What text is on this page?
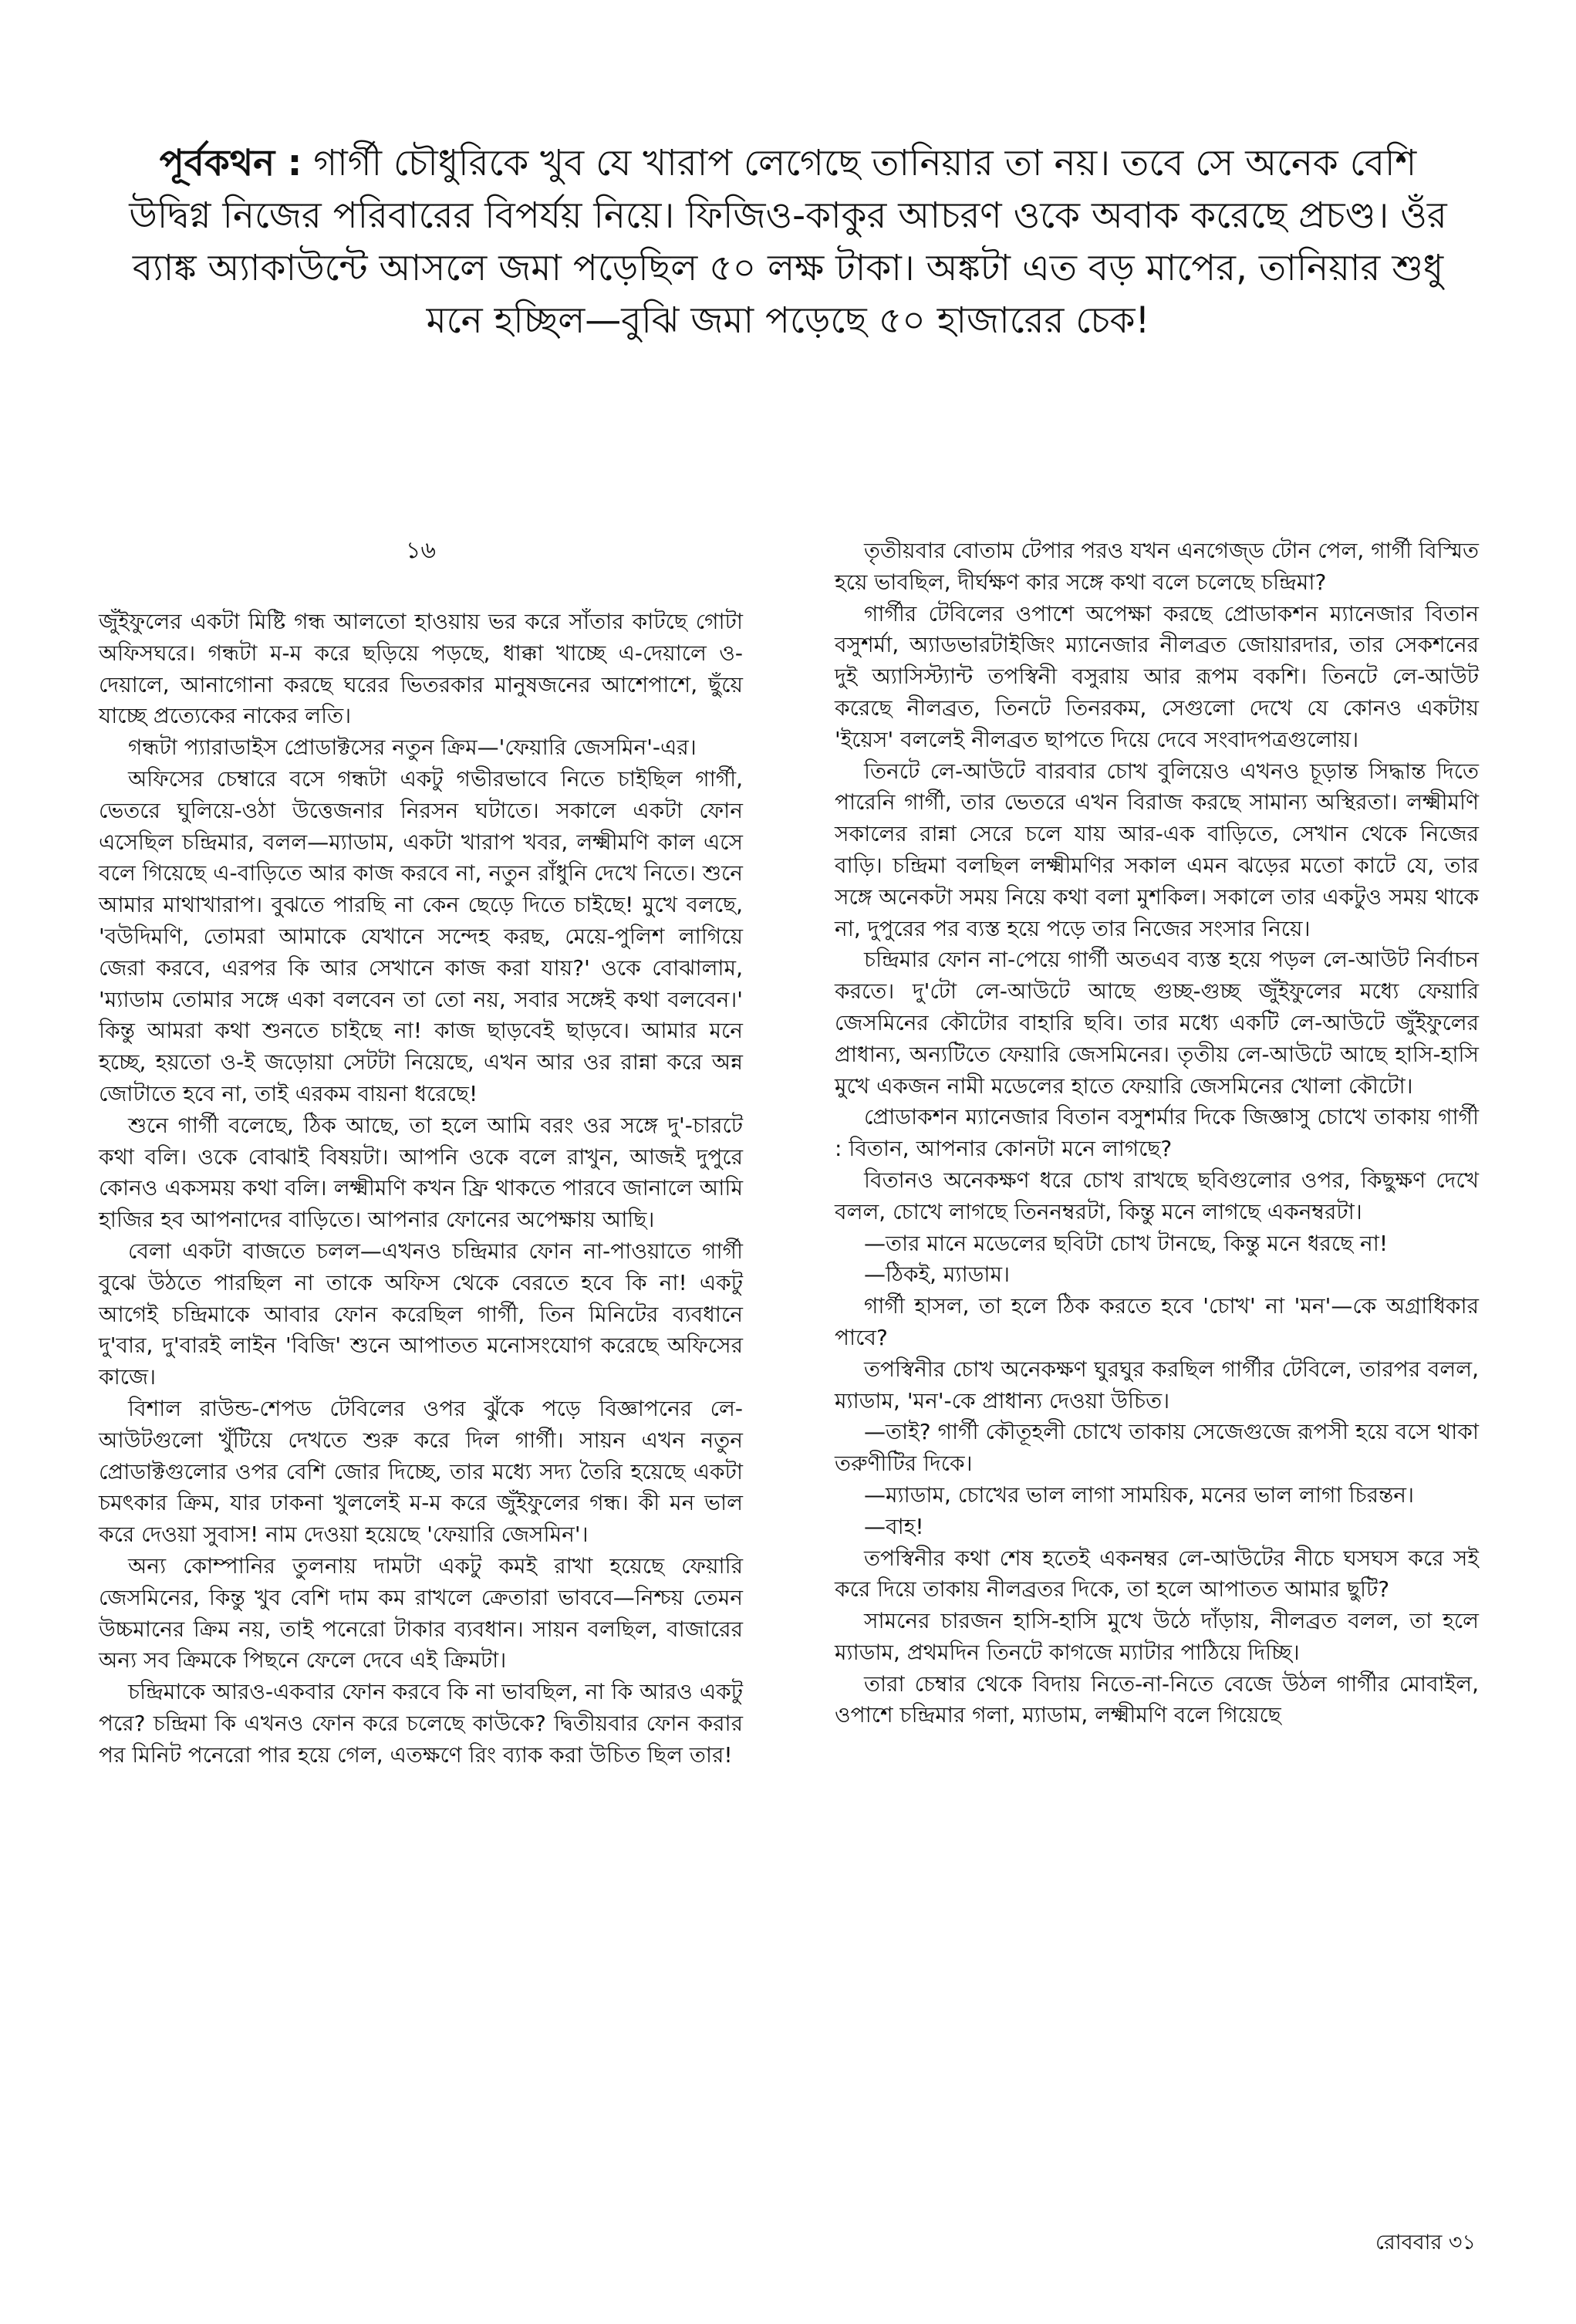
পূর্বকথন : গার্গী চৌধুরিকে খুব যে খারাপ লেগেছে তানিয়ার তা নয়। তবে সে অনেক বেশি উদ্বিগ্ন নিজের পরিবারের বিপর্যয় নিয়ে। ফিজিও-কাকুর আচরণ ওকে অবাক করেছে প্রচণ্ড। ওঁর ব্যাঙ্ক অ্যাকাউন্টে আসলে জমা পড়েছিল ৫০ লক্ষ টাকা। অঙ্কটা এত বড় মাপের, তানিয়ার শুধু মনে হচ্ছিল—বুঝি জমা পড়েছে ৫০ হাজারের চেক!
১৬

জুঁইফুলের একটা মিষ্টি গন্ধ আলতো হাওয়ায় ভর করে সাঁতার কাটছে গোটা অফিসঘরে। গন্ধটা ম-ম করে ছড়িয়ে পড়ছে, ধাক্কা খাচ্ছে এ-দেয়ালে ও-দেয়ালে, আনাগোনা করছে ঘরের ভিতরকার মানুষজনের আশেপাশে, ছুঁয়ে যাচ্ছে প্রত্যেকের নাকের লতি।

গন্ধটা প্যারাডাইস প্রোডাক্টসের নতুন ক্রিম—'ফেয়ারি জেসমিন'-এর।

অফিসের চেম্বারে বসে গন্ধটা একটু গভীরভাবে নিতে চাইছিল গার্গী, ভেতরে ঘুলিয়ে-ওঠা উত্তেজনার নিরসন ঘটাতে। সকালে একটা ফোন এসেছিল চন্দ্রিমার, বলল—ম্যাডাম, একটা খারাপ খবর, লক্ষ্মীমণি কাল এসে বলে গিয়েছে এ-বাড়িতে আর কাজ করবে না, নতুন রাঁধুনি দেখে নিতে। শুনে আমার মাথাখারাপ। বুঝতে পারছি না কেন ছেড়ে দিতে চাইছে! মুখে বলছে, 'বউদিমণি, তোমরা আমাকে যেখানে সন্দেহ করছ, মেয়ে-পুলিশ লাগিয়ে জেরা করবে, এরপর কি আর সেখানে কাজ করা যায়?' ওকে বোঝালাম, 'ম্যাডাম তোমার সঙ্গে একা বলবেন তা তো নয়, সবার সঙ্গেই কথা বলবেন।' কিন্তু আমরা কথা শুনতে চাইছে না! কাজ ছাড়বেই ছাড়বে। আমার মনে হচ্ছে, হয়তো ও-ই জড়োয়া সেটটা নিয়েছে, এখন আর ওর রান্না করে অন্ন জোটাতে হবে না, তাই এরকম বায়না ধরেছে!

শুনে গার্গী বলেছে, ঠিক আছে, তা হলে আমি বরং ওর সঙ্গে দু'-চারটে কথা বলি। ওকে বোঝাই বিষয়টা। আপনি ওকে বলে রাখুন, আজই দুপুরে কোনও একসময় কথা বলি। লক্ষ্মীমণি কখন ফ্রি থাকতে পারবে জানালে আমি হাজির হব আপনাদের বাড়িতে। আপনার ফোনের অপেক্ষায় আছি।

বেলা একটা বাজতে চলল—এখনও চন্দ্রিমার ফোন না-পাওয়াতে গার্গী বুঝে উঠতে পারছিল না তাকে অফিস থেকে বেরতে হবে কি না! একটু আগেই চন্দ্রিমাকে আবার ফোন করেছিল গার্গী, তিন মিনিটের ব্যবধানে দু'বার, দু'বারই লাইন 'বিজি' শুনে আপাতত মনোসংযোগ করেছে অফিসের কাজে।

বিশাল রাউন্ড-শেপড টেবিলের ওপর ঝুঁকে পড়ে বিজ্ঞাপনের লে-আউটগুলো খুঁটিয়ে দেখতে শুরু করে দিল গার্গী। সায়ন এখন নতুন প্রোডাক্টগুলোর ওপর বেশি জোর দিচ্ছে, তার মধ্যে সদ্য তৈরি হয়েছে একটা চমৎকার ক্রিম, যার ঢাকনা খুললেই ম-ম করে জুঁইফুলের গন্ধ। কী মন ভাল করে দেওয়া সুবাস! নাম দেওয়া হয়েছে 'ফেয়ারি জেসমিন'।

অন্য কোম্পানির তুলনায় দামটা একটু কমই রাখা হয়েছে ফেয়ারি জেসমিনের, কিন্তু খুব বেশি দাম কম রাখলে ক্রেতারা ভাববে—নিশ্চয় তেমন উচ্চমানের ক্রিম নয়, তাই পনেরো টাকার ব্যবধান। সায়ন বলছিল, বাজারের অন্য সব ক্রিমকে পিছনে ফেলে দেবে এই ক্রিমটা।

চন্দ্রিমাকে আরও-একবার ফোন করবে কি না ভাবছিল, না কি আরও একটু পরে? চন্দ্রিমা কি এখনও ফোন করে চলেছে কাউকে? দ্বিতীয়বার ফোন করার পর মিনিট পনেরো পার হয়ে গেল, এতক্ষণে রিং ব্যাক করা উচিত ছিল তার!

তৃতীয়বার বোতাম টেপার পরও যখন এনগেজ্‌ড টোন পেল, গার্গী বিস্মিত হয়ে ভাবছিল, দীর্ঘক্ষণ কার সঙ্গে কথা বলে চলেছে চন্দ্রিমা?

গার্গীর টেবিলের ওপাশে অপেক্ষা করছে প্রোডাকশন ম্যানেজার বিতান বসুশর্মা, অ্যাডভারটাইজিং ম্যানেজার নীলব্রত জোয়ারদার, তার সেকশনের দুই অ্যাসিস্ট্যান্ট তপস্বিনী বসুরায় আর রূপম বকশি। তিনটে লে-আউট করেছে নীলব্রত, তিনটে তিনরকম, সেগুলো দেখে যে কোনও একটায় 'ইয়েস' বললেই নীলব্রত ছাপতে দিয়ে দেবে সংবাদপত্রগুলোয়।

তিনটে লে-আউটে বারবার চোখ বুলিয়েও এখনও চূড়ান্ত সিদ্ধান্ত দিতে পারেনি গার্গী, তার ভেতরে এখন বিরাজ করছে সামান্য অস্থিরতা। লক্ষ্মীমণি সকালের রান্না সেরে চলে যায় আর-এক বাড়িতে, সেখান থেকে নিজের বাড়ি। চন্দ্রিমা বলছিল লক্ষ্মীমণির সকাল এমন ঝড়ের মতো কাটে যে, তার সঙ্গে অনেকটা সময় নিয়ে কথা বলা মুশকিল। সকালে তার একটুও সময় থাকে না, দুপুরের পর ব্যস্ত হয়ে পড়ে তার নিজের সংসার নিয়ে।

চন্দ্রিমার ফোন না-পেয়ে গার্গী অতএব ব্যস্ত হয়ে পড়ল লে-আউট নির্বাচন করতে। দু'টো লে-আউটে আছে গুচ্ছ-গুচ্ছ জুঁইফুলের মধ্যে ফেয়ারি জেসমিনের কৌটোর বাহারি ছবি। তার মধ্যে একটি লে-আউটে জুঁইফুলের প্রাধান্য, অন্যটিতে ফেয়ারি জেসমিনের। তৃতীয় লে-আউটে আছে হাসি-হাসি মুখে একজন নামী মডেলের হাতে ফেয়ারি জেসমিনের খোলা কৌটো।

প্রোডাকশন ম্যানেজার বিতান বসুশর্মার দিকে জিজ্ঞাসু চোখে তাকায় গার্গী : বিতান, আপনার কোনটা মনে লাগছে?

বিতানও অনেকক্ষণ ধরে চোখ রাখছে ছবিগুলোর ওপর, কিছুক্ষণ দেখে বলল, চোখে লাগছে তিননম্বরটা, কিন্তু মনে লাগছে একনম্বরটা।

—তার মানে মডেলের ছবিটা চোখ টানছে, কিন্তু মনে ধরছে না!

—ঠিকই, ম্যাডাম।

গার্গী হাসল, তা হলে ঠিক করতে হবে 'চোখ' না 'মন'—কে অগ্রাধিকার পাবে?

তপস্বিনীর চোখ অনেকক্ষণ ঘুরঘুর করছিল গার্গীর টেবিলে, তারপর বলল, ম্যাডাম, 'মন'-কে প্রাধান্য দেওয়া উচিত।

—তাই? গার্গী কৌতূহলী চোখে তাকায় সেজেগুজে রূপসী হয়ে বসে থাকা তরুণীটির দিকে।

—ম্যাডাম, চোখের ভাল লাগা সাময়িক, মনের ভাল লাগা চিরন্তন।

—বাহ!

তপস্বিনীর কথা শেষ হতেই একনম্বর লে-আউটের নীচে ঘসঘস করে সই করে দিয়ে তাকায় নীলব্রতর দিকে, তা হলে আপাতত আমার ছুটি?

সামনের চারজন হাসি-হাসি মুখে উঠে দাঁড়ায়, নীলব্রত বলল, তা হলে ম্যাডাম, প্রথমদিন তিনটে কাগজে ম্যাটার পাঠিয়ে দিচ্ছি।

তারা চেম্বার থেকে বিদায় নিতে-না-নিতে বেজে উঠল গার্গীর মোবাইল, ওপাশে চন্দ্রিমার গলা, ম্যাডাম, লক্ষ্মীমণি বলে গিয়েছে

রোববার ৩১
